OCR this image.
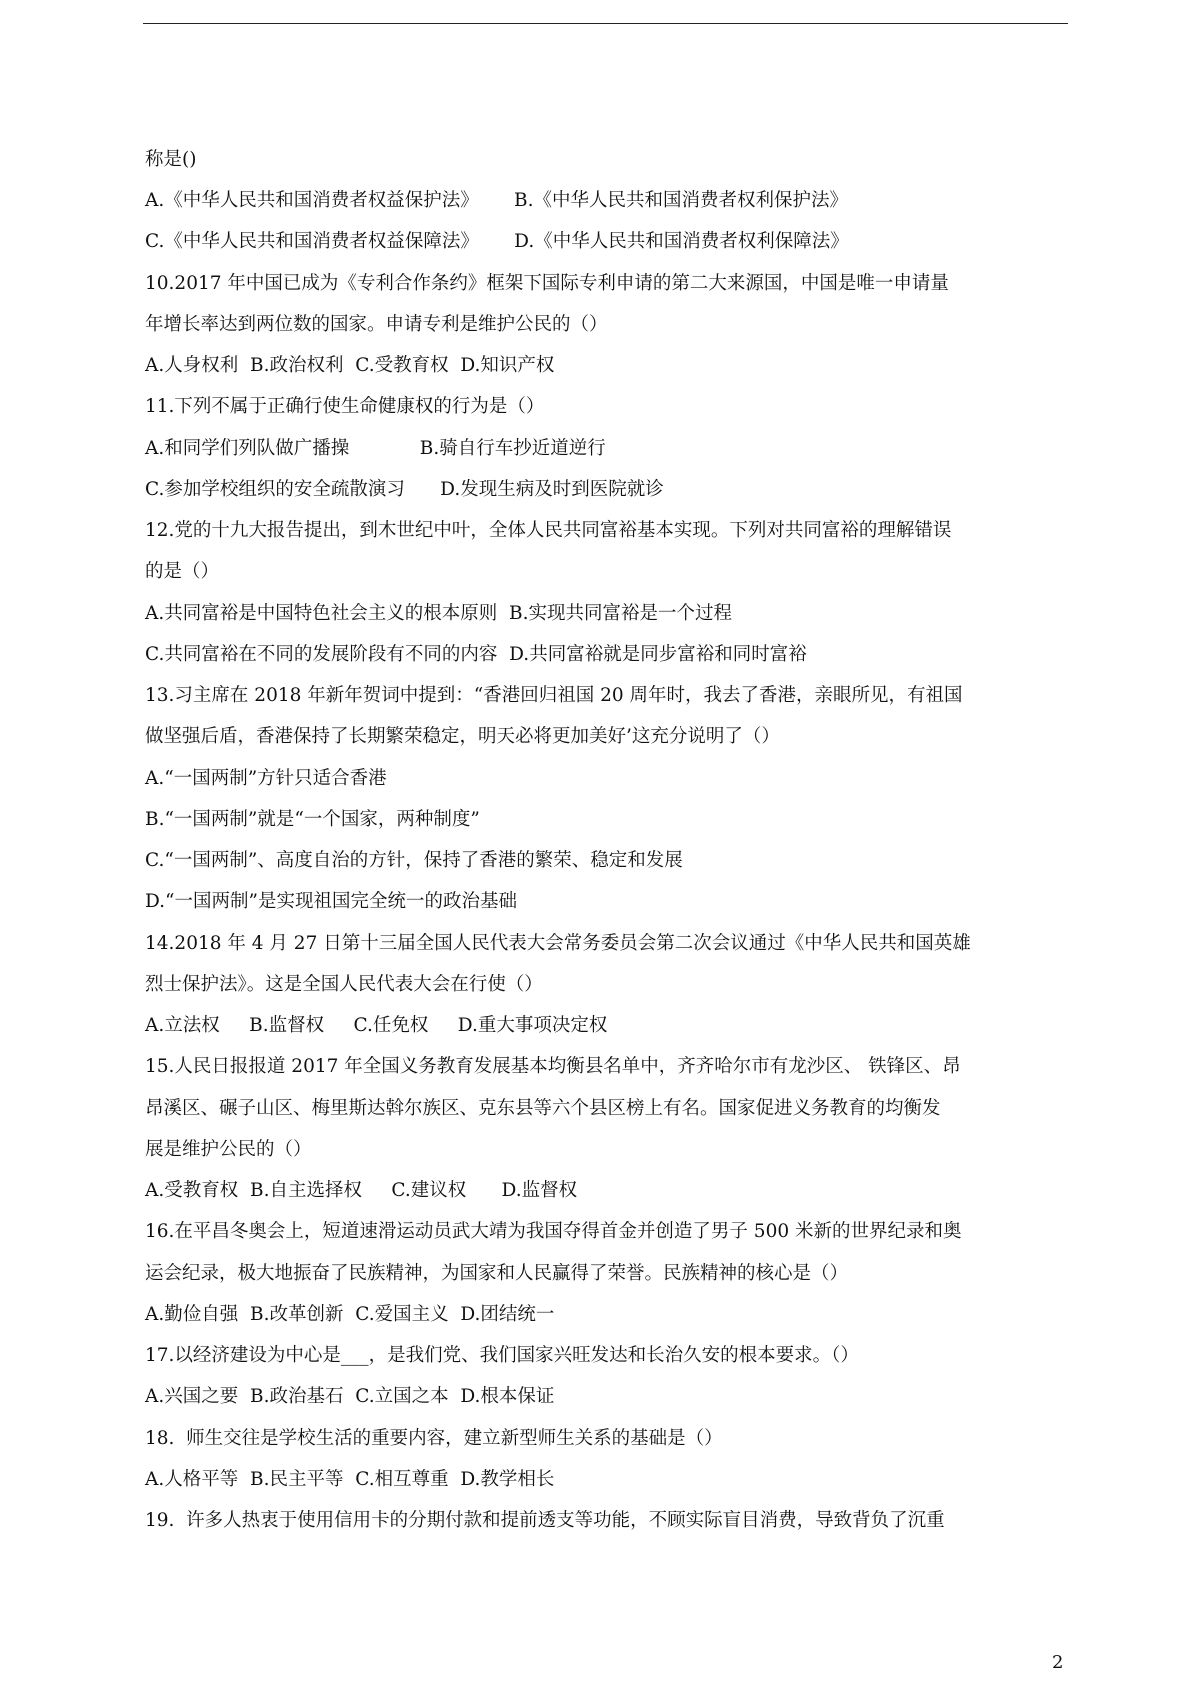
称是()
A.《中华人民共和国消费者权益保护法》      B.《中华人民共和国消费者权利保护法》
C.《中华人民共和国消费者权益保障法》      D.《中华人民共和国消费者权利保障法》
10.2017 年中国已成为《专利合作条约》框架下国际专利申请的第二大来源国，中国是唯一申请量
年增长率达到两位数的国家。申请专利是维护公民的（）
A.人身权利  B.政治权利  C.受教育权  D.知识产权
11.下列不属于正确行使生命健康权的行为是（）
A.和同学们列队做广播操            B.骑自行车抄近道逆行
C.参加学校组织的安全疏散演习      D.发现生病及时到医院就诊
12.党的十九大报告提出，到木世纪中叶，全体人民共同富裕基本实现。下列对共同富裕的理解错误
的是（）
A.共同富裕是中国特色社会主义的根本原则  B.实现共同富裕是一个过程
C.共同富裕在不同的发展阶段有不同的内容  D.共同富裕就是同步富裕和同时富裕
13.习主席在 2018 年新年贺词中提到：“香港回归祖国 20 周年时，我去了香港，亲眼所见，有祖国
做坚强后盾，香港保持了长期繁荣稳定，明天必将更加美好’这充分说明了（）
A.“一国两制”方针只适合香港
B.“一国两制”就是“一个国家，两种制度”
C.“一国两制”、高度自治的方针，保持了香港的繁荣、稳定和发展
D.“一国两制”是实现祖国完全统一的政治基础
14.2018 年 4 月 27 日第十三届全国人民代表大会常务委员会第二次会议通过《中华人民共和国英雄
烈士保护法》。这是全国人民代表大会在行使（）
A.立法权     B.监督权     C.任免权     D.重大事项决定权
15.人民日报报道 2017 年全国义务教育发展基本均衡县名单中，齐齐哈尔市有龙沙区、 铁锋区、昂
昂溪区、碾子山区、梅里斯达斡尔族区、克东县等六个县区榜上有名。国家促进义务教育的均衡发
展是维护公民的（）
A.受教育权  B.自主选择权     C.建议权      D.监督权
16.在平昌冬奥会上，短道速滑运动员武大靖为我国夺得首金并创造了男子 500 米新的世界纪录和奥
运会纪录，极大地振奋了民族精神，为国家和人民赢得了荣誉。民族精神的核心是（）
A.勤俭自强  B.改革创新  C.爱国主义  D.团结统一
17.以经济建设为中心是___，是我们党、我们国家兴旺发达和长治久安的根本要求。（）
A.兴国之要  B.政治基石  C.立国之本  D.根本保证
18.  师生交往是学校生活的重要内容，建立新型师生关系的基础是（）
A.人格平等  B.民主平等  C.相互尊重  D.教学相长
19.  许多人热衷于使用信用卡的分期付款和提前透支等功能，不顾实际盲目消费，导致背负了沉重
2
